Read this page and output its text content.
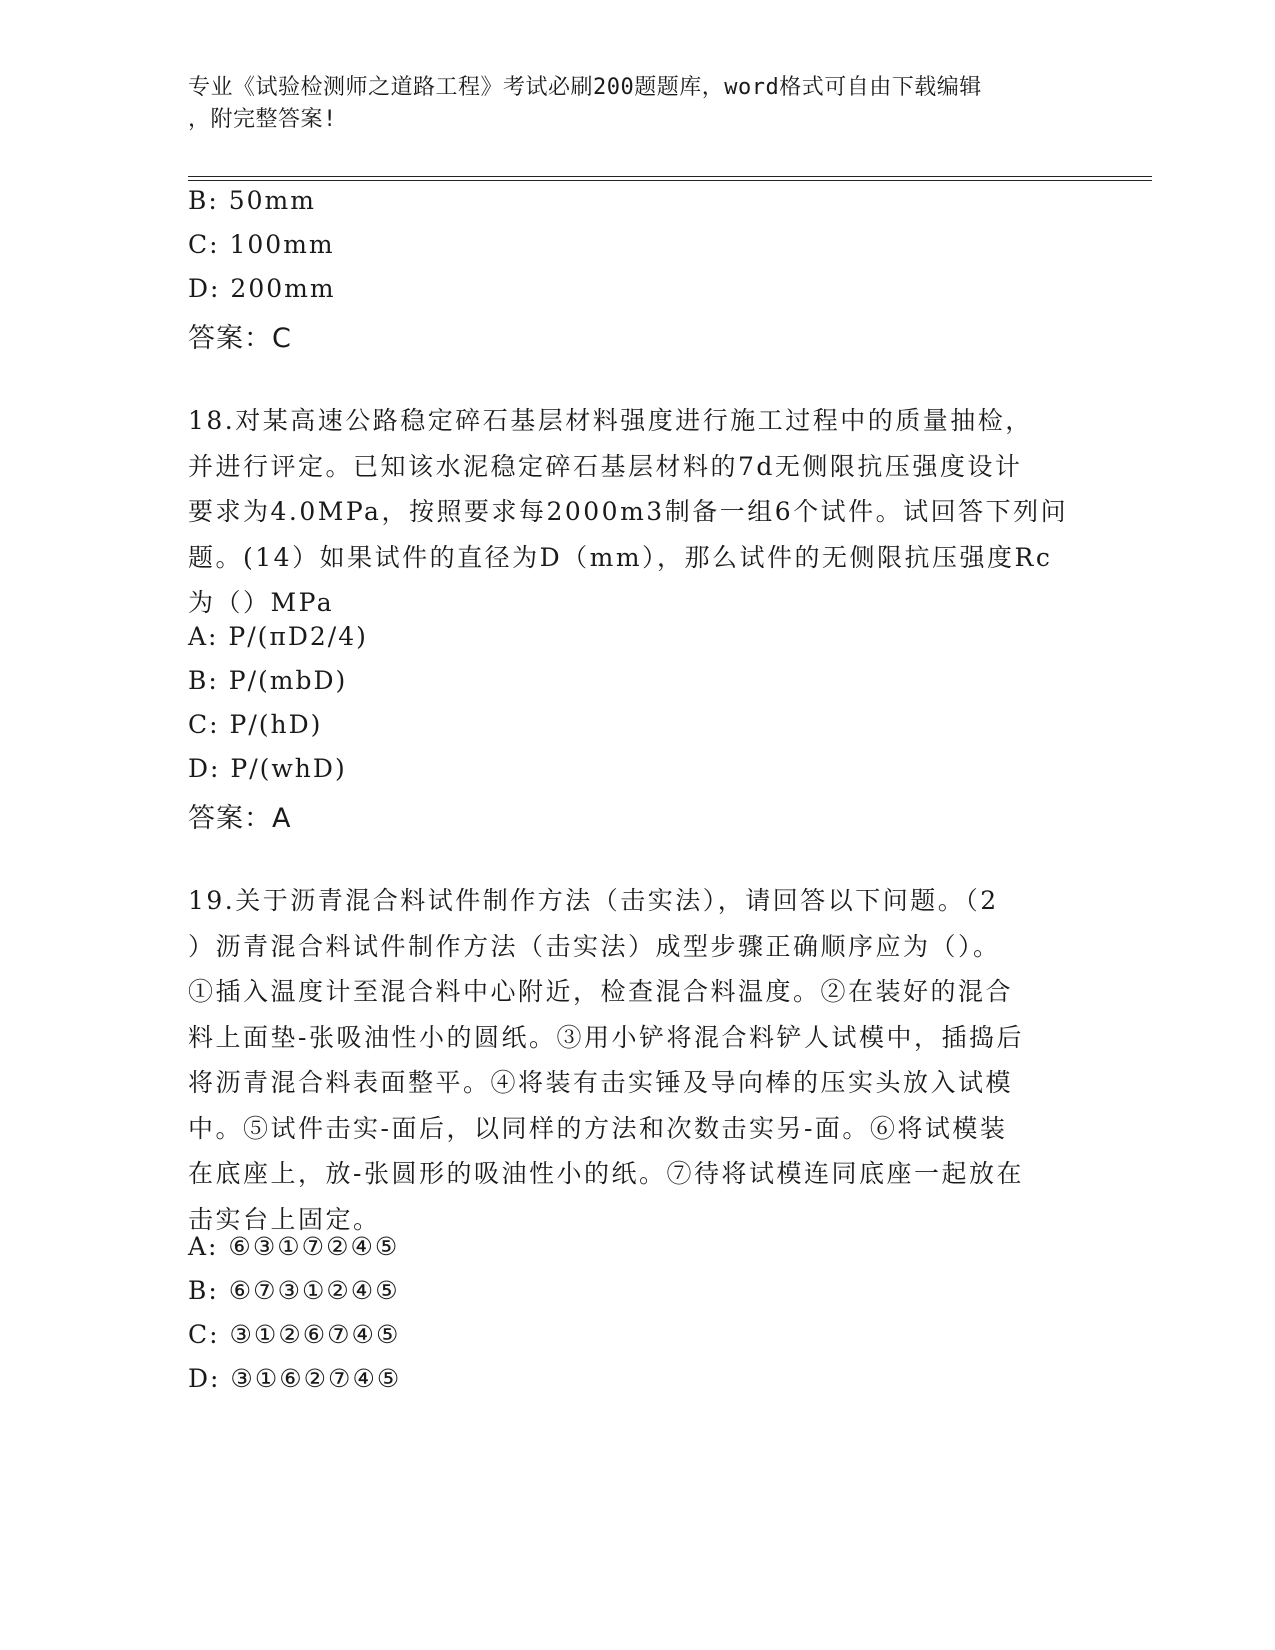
专业《试验检测师之道路工程》考试必刷200题题库，word格式可自由下载编辑
，附完整答案!
B: 50mm
C: 100mm
D: 200mm
答案：C
18.对某高速公路稳定碎石基层材料强度进行施工过程中的质量抽检，
并进行评定。已知该水泥稳定碎石基层材料的7d无侧限抗压强度设计
要求为4.0MPa，按照要求每2000m3制备一组6个试件。试回答下列问
题。(14）如果试件的直径为D（mm），那么试件的无侧限抗压强度Rc
为（）MPa
A: P/(πD2/4)
B: P/(mbD)
C: P/(hD)
D: P/(whD)
答案：A
19.关于沥青混合料试件制作方法（击实法），请回答以下问题。（2
）沥青混合料试件制作方法（击实法）成型步骤正确顺序应为（）。
①插入温度计至混合料中心附近，检查混合料温度。②在装好的混合
料上面垫-张吸油性小的圆纸。③用小铲将混合料铲人试模中，插捣后
将沥青混合料表面整平。④将装有击实锤及导向棒的压实头放入试模
中。⑤试件击实-面后，以同样的方法和次数击实另-面。⑥将试模装
在底座上，放-张圆形的吸油性小的纸。⑦待将试模连同底座一起放在
击实台上固定。
A: ⑥③①⑦②④⑤
B: ⑥⑦③①②④⑤
C: ③①②⑥⑦④⑤
D: ③①⑥②⑦④⑤
